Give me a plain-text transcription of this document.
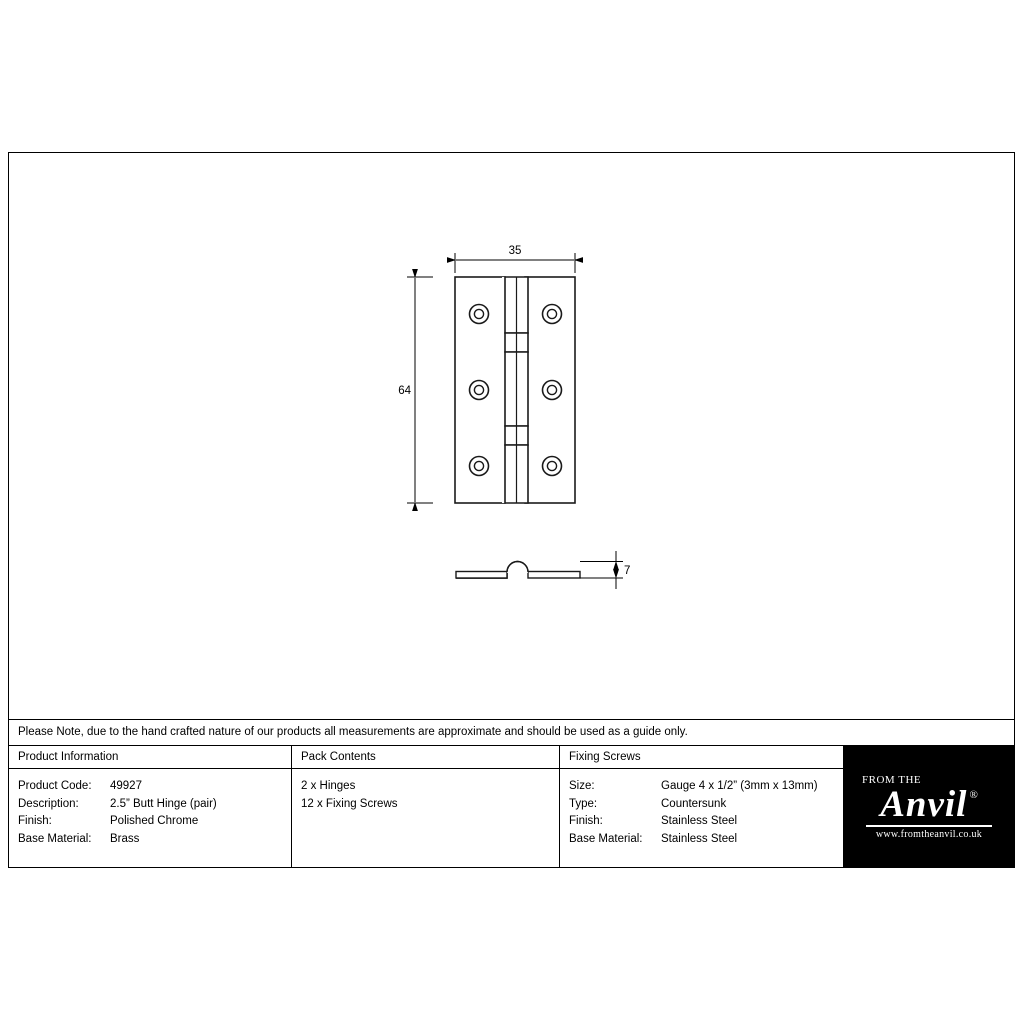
35
64
7
Please Note, due to the hand crafted nature of our products all measurements are approximate and should be used as a guide only.
Product Information
Product Code:	49927
Description:	2.5” Butt Hinge (pair)
Finish:	Polished Chrome
Base Material:	Brass
Pack Contents
2 x Hinges
12 x Fixing Screws
Fixing Screws
Size:	Gauge 4 x 1/2” (3mm x 13mm)
Type:	Countersunk
Finish:	Stainless Steel
Base Material:	Stainless Steel
FROM THE
Anvil ®
www.fromtheanvil.co.uk
